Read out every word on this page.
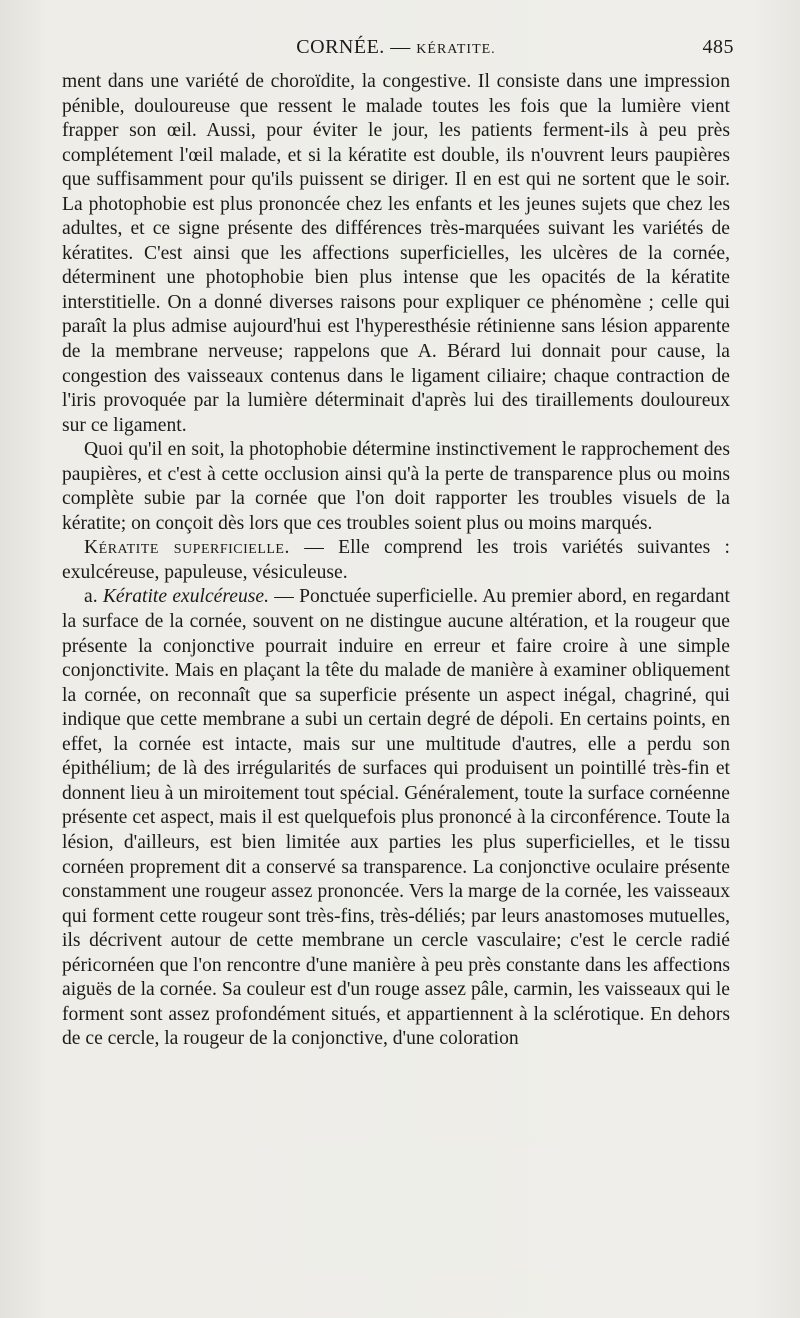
CORNÉE. — KÉRATITE.	485

ment dans une variété de choroïdite, la congestive. Il consiste dans une impression pénible, douloureuse que ressent le malade toutes les fois que la lumière vient frapper son œil. Aussi, pour éviter le jour, les patients ferment-ils à peu près complétement l'œil malade, et si la kératite est double, ils n'ouvrent leurs paupières que suffisamment pour qu'ils puissent se diriger. Il en est qui ne sortent que le soir. La photophobie est plus prononcée chez les enfants et les jeunes sujets que chez les adultes, et ce signe présente des différences très-marquées suivant les variétés de kératites. C'est ainsi que les affections superficielles, les ulcères de la cornée, déterminent une photophobie bien plus intense que les opacités de la kératite interstitielle. On a donné diverses raisons pour expliquer ce phénomène ; celle qui paraît la plus admise aujourd'hui est l'hyperesthésie rétinienne sans lésion apparente de la membrane nerveuse; rappelons que A. Bérard lui donnait pour cause, la congestion des vaisseaux contenus dans le ligament ciliaire; chaque contraction de l'iris provoquée par la lumière déterminait d'après lui des tiraillements douloureux sur ce ligament.

Quoi qu'il en soit, la photophobie détermine instinctivement le rapprochement des paupières, et c'est à cette occlusion ainsi qu'à la perte de transparence plus ou moins complète subie par la cornée que l'on doit rapporter les troubles visuels de la kératite; on conçoit dès lors que ces troubles soient plus ou moins marqués.

Kératite superficielle. — Elle comprend les trois variétés suivantes : exulcéreuse, papuleuse, vésiculeuse.

a. Kératite exulcéreuse. — Ponctuée superficielle. Au premier abord, en regardant la surface de la cornée, souvent on ne distingue aucune altération, et la rougeur que présente la conjonctive pourrait induire en erreur et faire croire à une simple conjonctivite. Mais en plaçant la tête du malade de manière à examiner obliquement la cornée, on reconnaît que sa superficie présente un aspect inégal, chagriné, qui indique que cette membrane a subi un certain degré de dépoli. En certains points, en effet, la cornée est intacte, mais sur une multitude d'autres, elle a perdu son épithélium; de là des irrégularités de surfaces qui produisent un pointillé très-fin et donnent lieu à un miroitement tout spécial. Généralement, toute la surface cornéenne présente cet aspect, mais il est quelquefois plus prononcé à la circonférence. Toute la lésion, d'ailleurs, est bien limitée aux parties les plus superficielles, et le tissu cornéen proprement dit a conservé sa transparence. La conjonctive oculaire présente constamment une rougeur assez prononcée. Vers la marge de la cornée, les vaisseaux qui forment cette rougeur sont très-fins, très-déliés; par leurs anastomoses mutuelles, ils décrivent autour de cette membrane un cercle vasculaire; c'est le cercle radié péricornéen que l'on rencontre d'une manière à peu près constante dans les affections aiguës de la cornée. Sa couleur est d'un rouge assez pâle, carmin, les vaisseaux qui le forment sont assez profondément situés, et appartiennent à la sclérotique. En dehors de ce cercle, la rougeur de la conjonctive, d'une coloration
